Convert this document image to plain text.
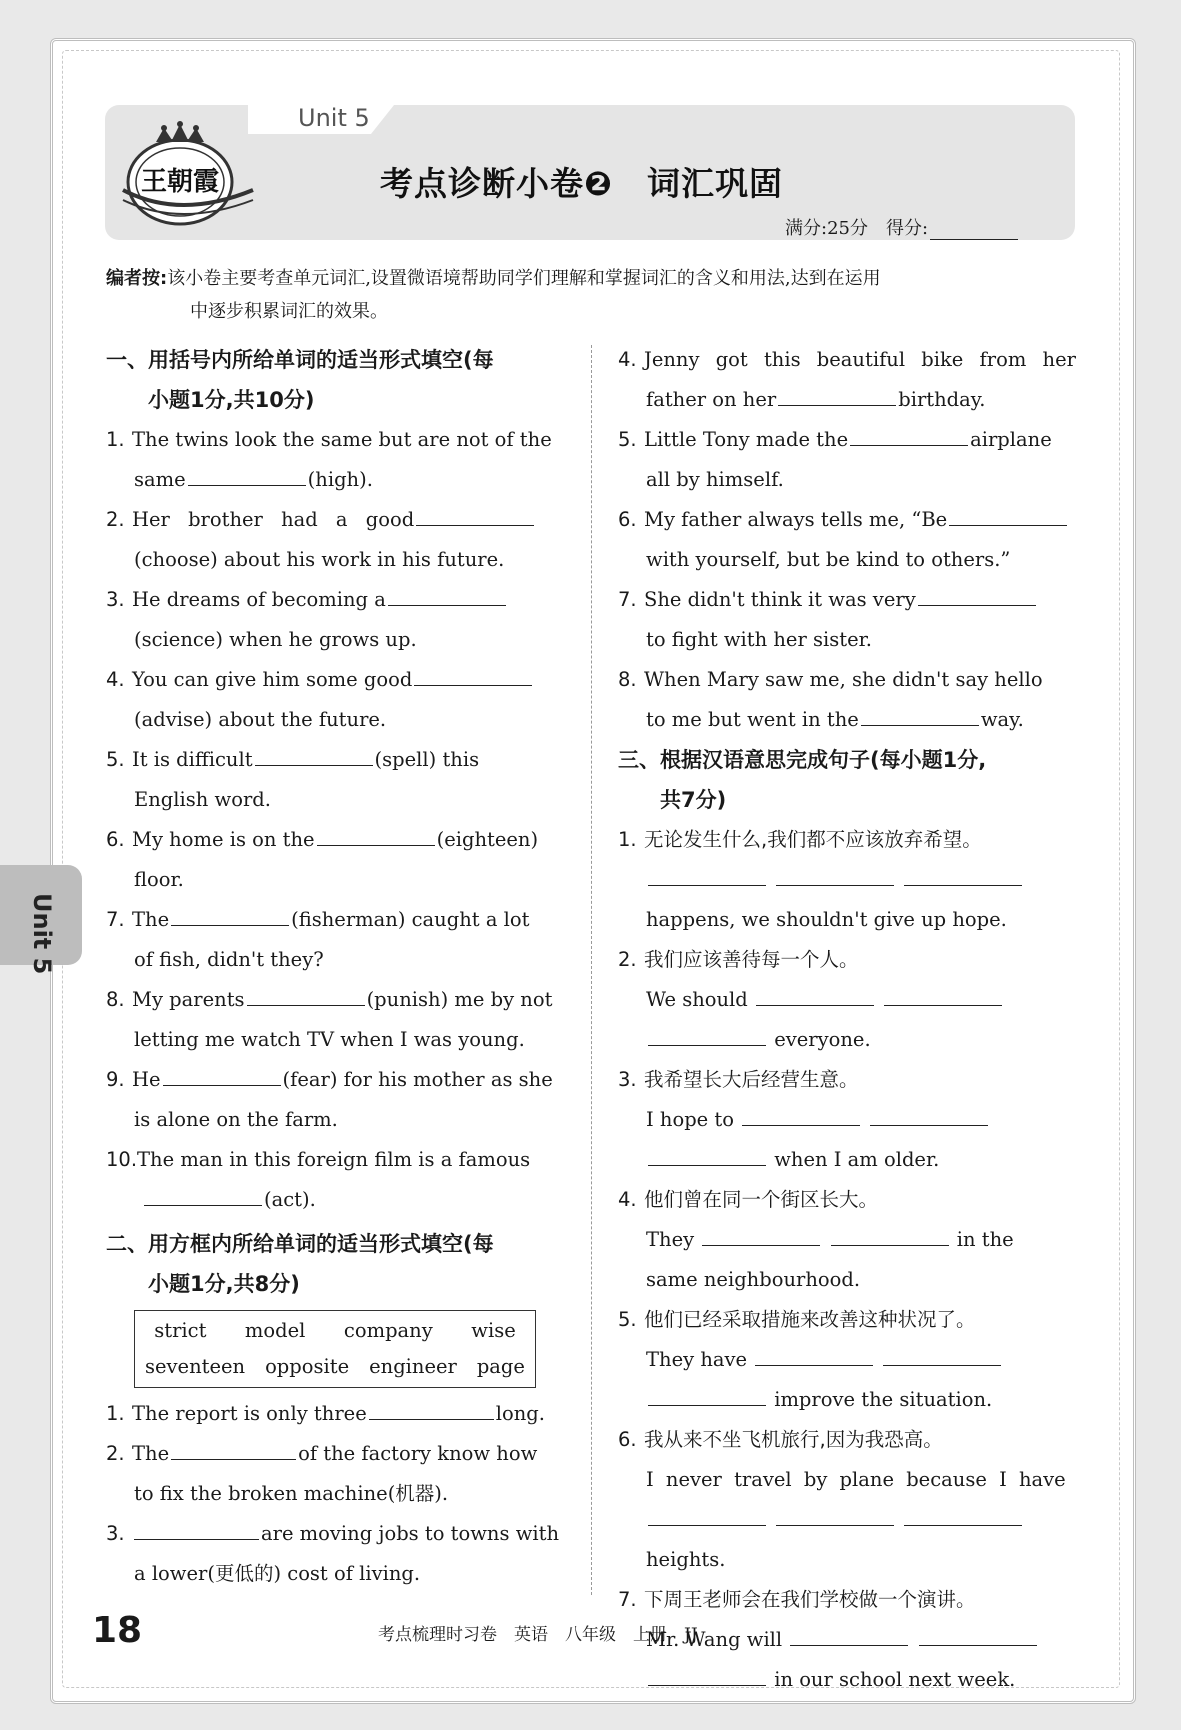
Unit 5
王朝霞	考点诊断小卷❷　词汇巩固
满分:25分　得分:
编者按:该小卷主要考查单元词汇,设置微语境帮助同学们理解和掌握词汇的含义和用法,达到在运用
中逐步积累词汇的效果。
一、用括号内所给单词的适当形式填空(每
小题1分,共10分)
1. The twins look the same but are not of the
same	(high).
2. Her brother had a good
(choose) about his work in his future.
3. He dreams of becoming a
(science) when he grows up.
4. You can give him some good
(advise) about the future.
5. It is difficult	(spell) this
English word.
6. My home is on the	(eighteen)
floor.
7. The	(fisherman) caught a lot
of fish, didn't they?
8. My parents	(punish) me by not
letting me watch TV when I was young.
9. He	(fear) for his mother as she
is alone on the farm.
10.The man in this foreign film is a famous
(act).
二、用方框内所给单词的适当形式填空(每
小题1分,共8分)
strict model company wise
seventeen opposite engineer page
1. The report is only three	long.
2. The	of the factory know how
to fix the broken machine(机器).
3.	are moving jobs to towns with
a lower(更低的) cost of living.
4. Jenny got this beautiful bike from her
father on her	birthday.
5. Little Tony made the	airplane
all by himself.
6. My father always tells me, “Be
with yourself, but be kind to others.”
7. She didn't think it was very
to fight with her sister.
8. When Mary saw me, she didn't say hello
to me but went in the	way.
三、根据汉语意思完成句子(每小题1分,
共7分)
1. 无论发生什么,我们都不应该放弃希望。

happens, we shouldn't give up hope.
2. 我们应该善待每一个人。
We should
everyone.
3. 我希望长大后经营生意。
I hope to
when I am older.
4. 他们曾在同一个街区长大。
They	in the
same neighbourhood.
5. 他们已经采取措施来改善这种状况了。
They have
improve the situation.
6. 我从来不坐飞机旅行,因为我恐高。
I never travel by plane because I have

heights.
7. 下周王老师会在我们学校做一个演讲。
Mr. Wang will
in our school next week.
Unit 5
18	考点梳理时习卷　英语　八年级　上册　JJ
